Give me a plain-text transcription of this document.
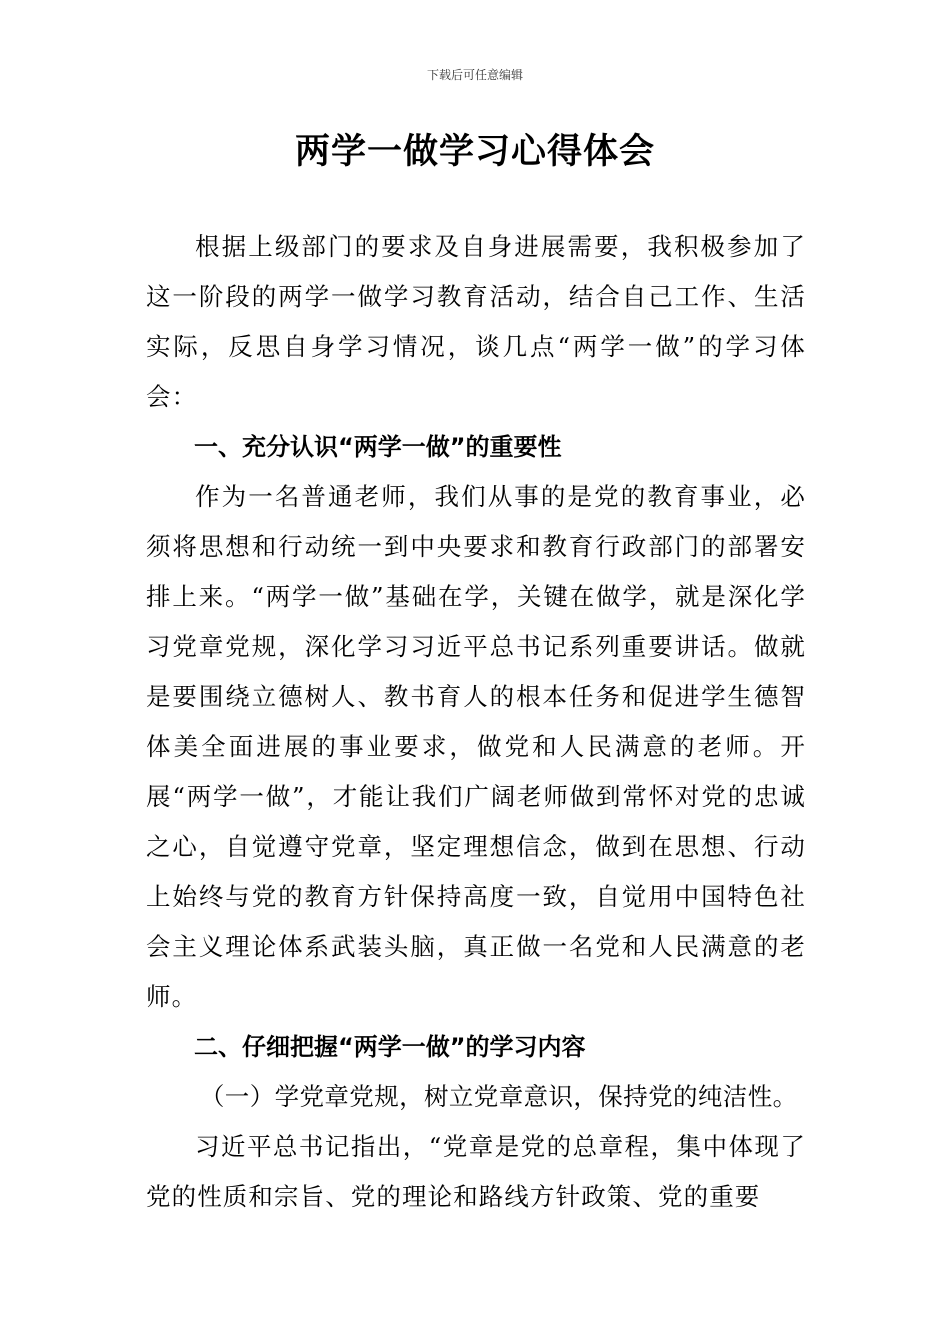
下载后可任意编辑
两学一做学习心得体会

根据上级部门的要求及自身进展需要，我积极参加了这一阶段的两学一做学习教育活动，结合自己工作、生活实际，反思自身学习情况，谈几点“两学一做”的学习体会：

一、充分认识“两学一做”的重要性

作为一名普通老师，我们从事的是党的教育事业，必须将思想和行动统一到中央要求和教育行政部门的部署安排上来。“两学一做”基础在学，关键在做学，就是深化学习党章党规，深化学习习近平总书记系列重要讲话。做就是要围绕立德树人、教书育人的根本任务和促进学生德智体美全面进展的事业要求，做党和人民满意的老师。开展“两学一做”，才能让我们广阔老师做到常怀对党的忠诚之心，自觉遵守党章，坚定理想信念，做到在思想、行动上始终与党的教育方针保持高度一致，自觉用中国特色社会主义理论体系武装头脑，真正做一名党和人民满意的老师。

二、仔细把握“两学一做”的学习内容

（一）学党章党规，树立党章意识，保持党的纯洁性。

习近平总书记指出，“党章是党的总章程，集中体现了党的性质和宗旨、党的理论和路线方针政策、党的重要
